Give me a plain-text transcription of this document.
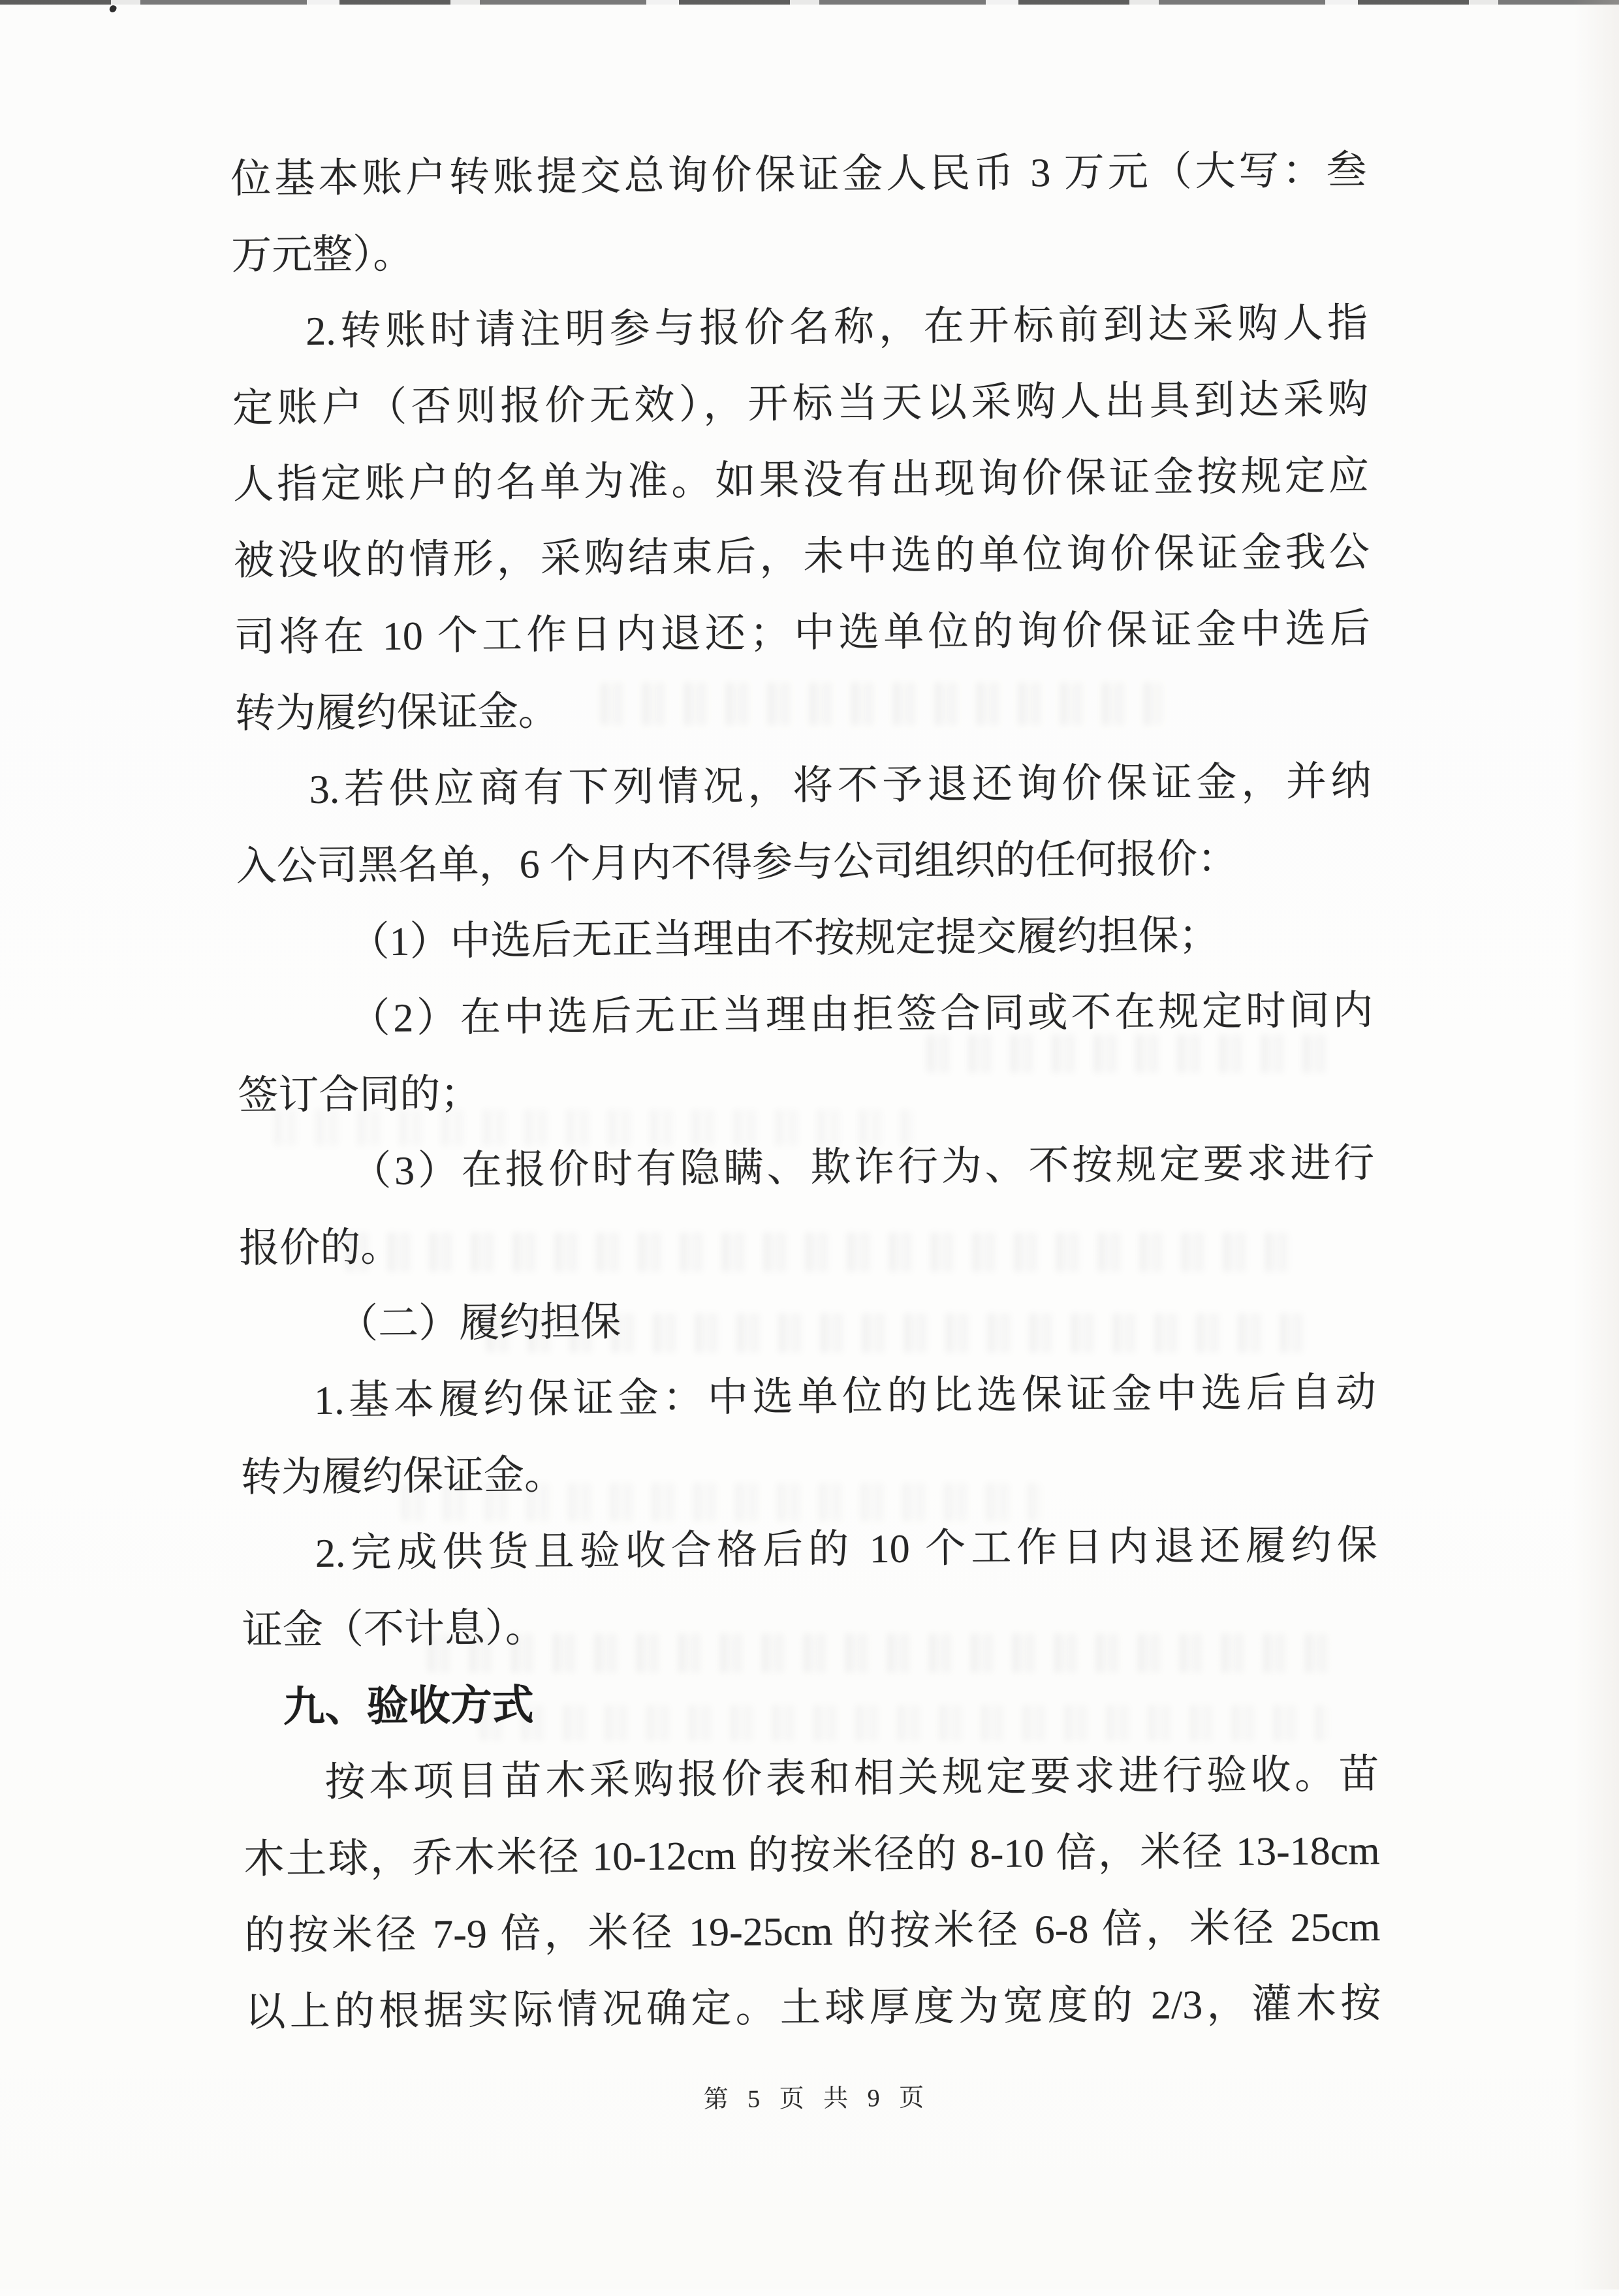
位基本账户转账提交总询价保证金人民币 3 万元（大写：叁
万元整）。
2.转账时请注明参与报价名称，在开标前到达采购人指
定账户（否则报价无效），开标当天以采购人出具到达采购
人指定账户的名单为准。如果没有出现询价保证金按规定应
被没收的情形，采购结束后，未中选的单位询价保证金我公
司将在 10 个工作日内退还；中选单位的询价保证金中选后
转为履约保证金。
3.若供应商有下列情况，将不予退还询价保证金，并纳
入公司黑名单，6 个月内不得参与公司组织的任何报价：
（1）中选后无正当理由不按规定提交履约担保；
（2）在中选后无正当理由拒签合同或不在规定时间内
签订合同的；
（3）在报价时有隐瞒、欺诈行为、不按规定要求进行
报价的。
（二）履约担保
1.基本履约保证金：中选单位的比选保证金中选后自动
转为履约保证金。
2.完成供货且验收合格后的 10 个工作日内退还履约保
证金（不计息）。
九、验收方式
按本项目苗木采购报价表和相关规定要求进行验收。苗
木土球，乔木米径 10-12cm 的按米径的 8-10 倍，米径 13-18cm
的按米径 7-9 倍，米径 19-25cm 的按米径 6-8 倍，米径 25cm
以上的根据实际情况确定。土球厚度为宽度的 2/3，灌木按
第 5 页 共 9 页
